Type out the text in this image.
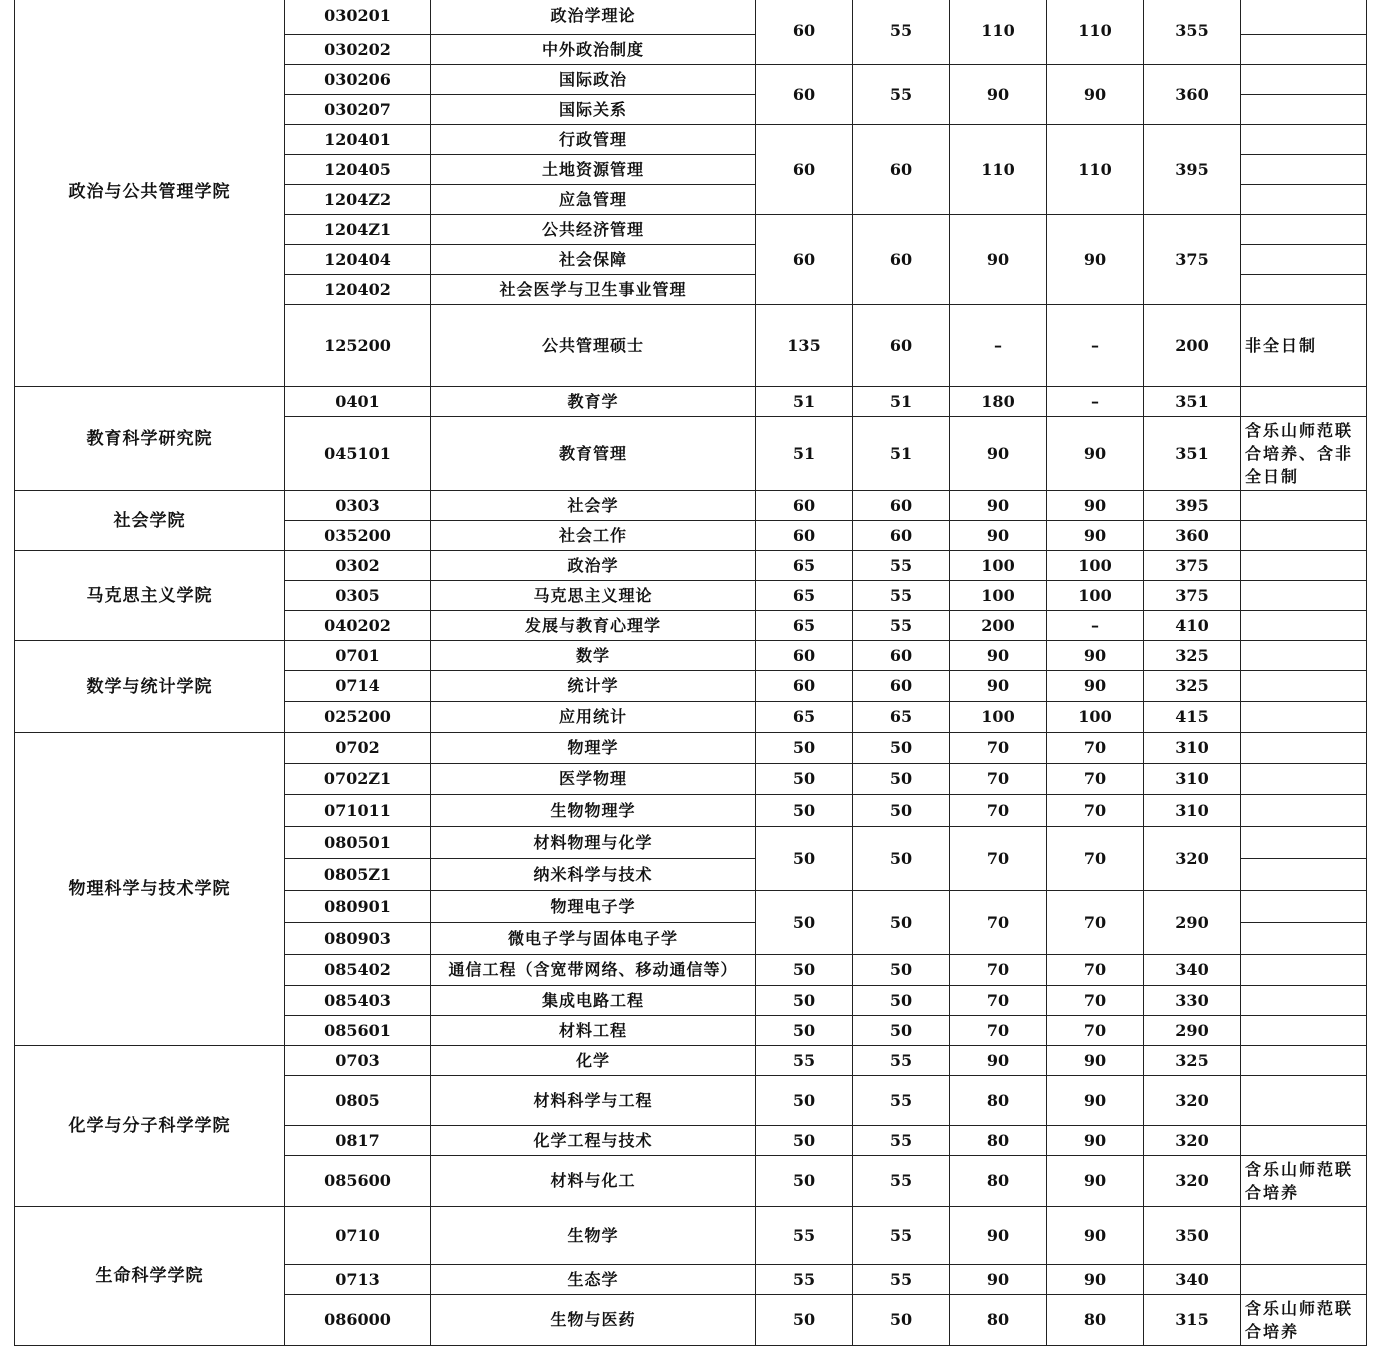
政治与公共管理学院	030201	政治学理论	60	55	110	110	355	
	030202	中外政治制度						
	030206	国际政治	60	55	90	90	360	
	030207	国际关系						
	120401	行政管理	60	60	110	110	395	
	120405	土地资源管理						
	1204Z2	应急管理						
	1204Z1	公共经济管理	60	60	90	90	375	
	120404	社会保障						
	120402	社会医学与卫生事业管理						
	125200	公共管理硕士	135	60	–	–	200	非全日制
教育科学研究院	0401	教育学	51	51	180	–	351	
	045101	教育管理	51	51	90	90	351	含乐山师范联合培养、含非全日制
社会学院	0303	社会学	60	60	90	90	395	
	035200	社会工作	60	60	90	90	360	
马克思主义学院	0302	政治学	65	55	100	100	375	
	0305	马克思主义理论	65	55	100	100	375	
	040202	发展与教育心理学	65	55	200	–	410	
数学与统计学院	0701	数学	60	60	90	90	325	
	0714	统计学	60	60	90	90	325	
	025200	应用统计	65	65	100	100	415	
物理科学与技术学院	0702	物理学	50	50	70	70	310	
	0702Z1	医学物理	50	50	70	70	310	
	071011	生物物理学	50	50	70	70	310	
	080501	材料物理与化学	50	50	70	70	320	
	0805Z1	纳米科学与技术						
	080901	物理电子学	50	50	70	70	290	
	080903	微电子学与固体电子学						
	085402	通信工程（含宽带网络、移动通信等）	50	50	70	70	340	
	085403	集成电路工程	50	50	70	70	330	
	085601	材料工程	50	50	70	70	290	
化学与分子科学学院	0703	化学	55	55	90	90	325	
	0805	材料科学与工程	50	55	80	90	320	
	0817	化学工程与技术	50	55	80	90	320	
	085600	材料与化工	50	55	80	90	320	含乐山师范联合培养
生命科学学院	0710	生物学	55	55	90	90	350	
	0713	生态学	55	55	90	90	340	
	086000	生物与医药	50	50	80	80	315	含乐山师范联合培养
